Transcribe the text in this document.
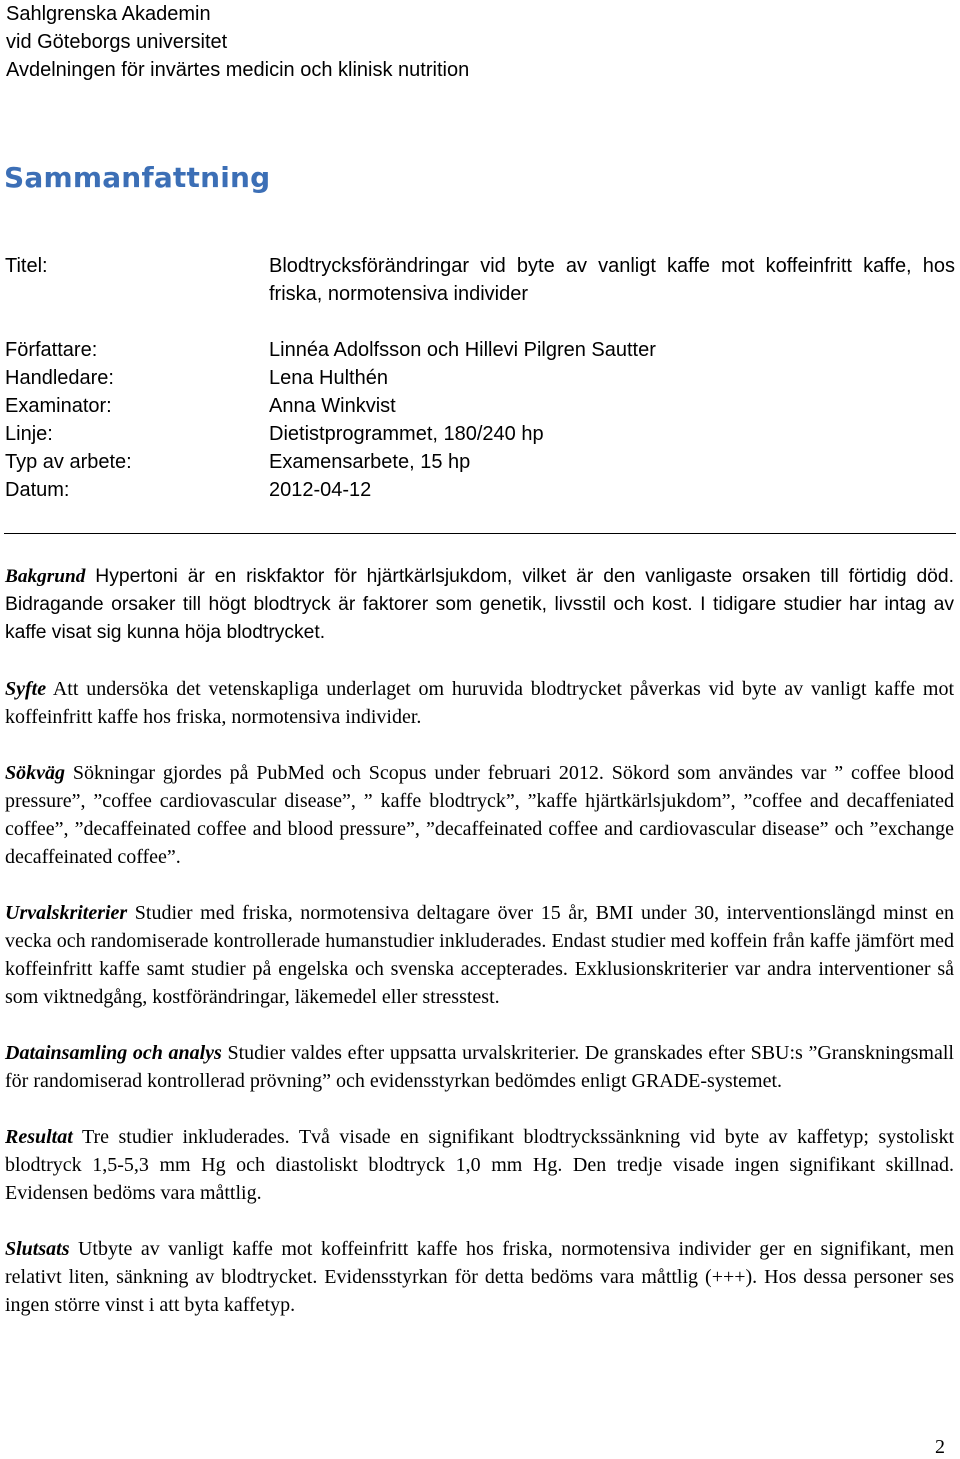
Sahlgrenska Akademin
vid Göteborgs universitet
Avdelningen för invärtes medicin och klinisk nutrition
Sammanfattning
Titel:	Blodtrycksförändringar vid byte av vanligt kaffe mot koffeinfritt kaffe, hos friska, normotensiva individer
Författare:	Linnéa Adolfsson och Hillevi Pilgren Sautter
Handledare:	Lena Hulthén
Examinator:	Anna Winkvist
Linje:	Dietistprogrammet, 180/240 hp
Typ av arbete:	Examensarbete, 15 hp
Datum:	2012-04-12

Bakgrund Hypertoni är en riskfaktor för hjärtkärlsjukdom, vilket är den vanligaste orsaken till förtidig död. Bidragande orsaker till högt blodtryck är faktorer som genetik, livsstil och kost. I tidigare studier har intag av kaffe visat sig kunna höja blodtrycket.

Syfte Att undersöka det vetenskapliga underlaget om huruvida blodtrycket påverkas vid byte av vanligt kaffe mot koffeinfritt kaffe hos friska, normotensiva individer.

Sökväg Sökningar gjordes på PubMed och Scopus under februari 2012. Sökord som användes var ” coffee blood pressure”, ”coffee cardiovascular disease”, ” kaffe blodtryck”, ”kaffe hjärtkärlsjukdom”, ”coffee and decaffeniated coffee”, ”decaffeinated coffee and blood pressure”, ”decaffeinated coffee and cardiovascular disease” och ”exchange decaffeinated coffee”.

Urvalskriterier Studier med friska, normotensiva deltagare över 15 år, BMI under 30, interventionslängd minst en vecka och randomiserade kontrollerade humanstudier inkluderades. Endast studier med koffein från kaffe jämfört med koffeinfritt kaffe samt studier på engelska och svenska accepterades. Exklusionskriterier var andra interventioner så som viktnedgång, kostförändringar, läkemedel eller stresstest.

Datainsamling och analys Studier valdes efter uppsatta urvalskriterier. De granskades efter SBU:s ”Granskningsmall för randomiserad kontrollerad prövning” och evidensstyrkan bedömdes enligt GRADE-systemet.

Resultat Tre studier inkluderades. Två visade en signifikant blodtryckssänkning vid byte av kaffetyp; systoliskt blodtryck 1,5-5,3 mm Hg och diastoliskt blodtryck 1,0 mm Hg. Den tredje visade ingen signifikant skillnad. Evidensen bedöms vara måttlig.

Slutsats Utbyte av vanligt kaffe mot koffeinfritt kaffe hos friska, normotensiva individer ger en signifikant, men relativt liten, sänkning av blodtrycket. Evidensstyrkan för detta bedöms vara måttlig (+++). Hos dessa personer ses ingen större vinst i att byta kaffetyp.

2
